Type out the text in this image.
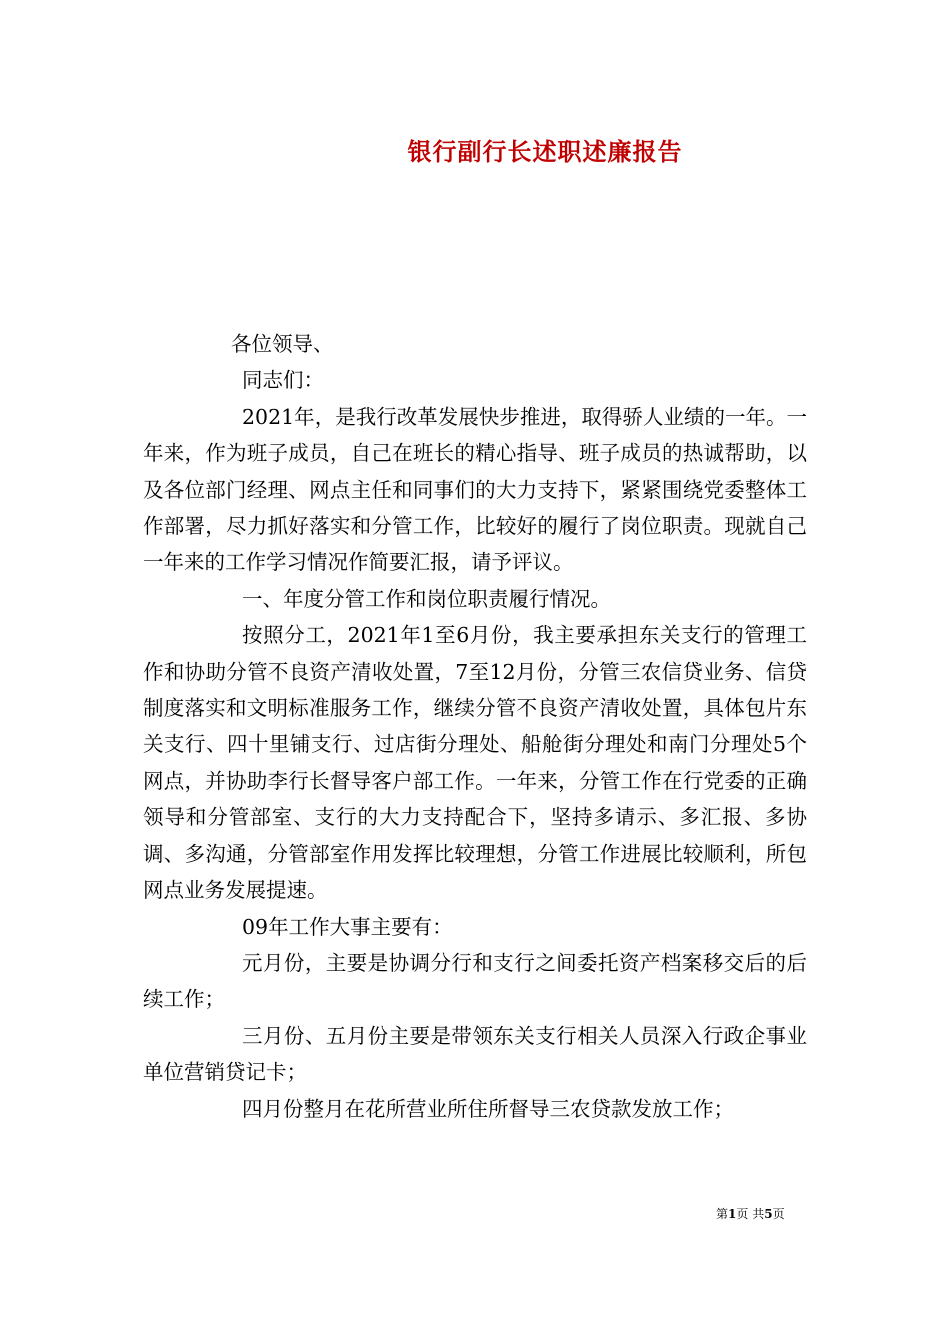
银行副行长述职述廉报告

各位领导、

同志们：

2021年，是我行改革发展快步推进，取得骄人业绩的一年。一年来，作为班子成员，自己在班长的精心指导、班子成员的热诚帮助，以及各位部门经理、网点主任和同事们的大力支持下，紧紧围绕党委整体工作部署，尽力抓好落实和分管工作，比较好的履行了岗位职责。现就自己一年来的工作学习情况作简要汇报，请予评议。

一、年度分管工作和岗位职责履行情况。

按照分工，2021年1至6月份，我主要承担东关支行的管理工作和协助分管不良资产清收处置，7至12月份，分管三农信贷业务、信贷制度落实和文明标准服务工作，继续分管不良资产清收处置，具体包片东关支行、四十里铺支行、过店街分理处、船舱街分理处和南门分理处5个网点，并协助李行长督导客户部工作。一年来，分管工作在行党委的正确领导和分管部室、支行的大力支持配合下，坚持多请示、多汇报、多协调、多沟通，分管部室作用发挥比较理想，分管工作进展比较顺利，所包网点业务发展提速。

09年工作大事主要有：

元月份，主要是协调分行和支行之间委托资产档案移交后的后续工作；

三月份、五月份主要是带领东关支行相关人员深入行政企事业单位营销贷记卡；

四月份整月在花所营业所住所督导三农贷款发放工作；

第1页 共5页
